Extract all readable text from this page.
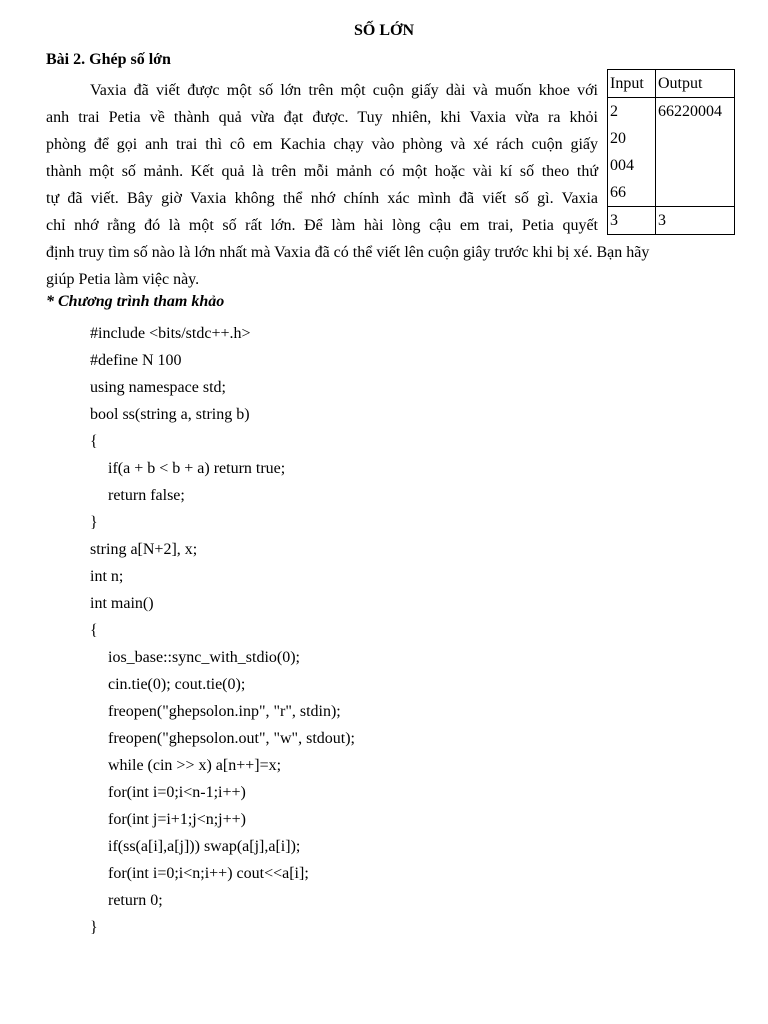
SỐ LỚN
Bài 2. Ghép số lớn
Vaxia đã viết được một số lớn trên một cuộn giấy dài và muốn khoe với
anh trai Petia về thành quả vừa đạt được. Tuy nhiên, khi Vaxia vừa ra khỏi
phòng để gọi anh trai thì cô em Kachia chạy vào phòng và xé rách cuộn giấy
thành một số mảnh. Kết quả là trên mỗi mảnh có một hoặc vài kí số theo thứ
tự đã viết. Bây giờ Vaxia không thể nhớ chính xác mình đã viết số gì. Vaxia
chỉ nhớ rằng đó là một số rất lớn. Để làm hài lòng cậu em trai, Petia quyết
Input	Output

2
20
004
66	66220004

3	3
định truy tìm số nào là lớn nhất mà Vaxia đã có thể viết lên cuộn giây trước khi bị xé. Bạn hãy
giúp Petia làm việc này.
* Chương trình tham khảo
#include <bits/stdc++.h>
#define N 100
using namespace std;
bool ss(string a, string b)
{
if(a + b < b + a) return true;
return false;
}
string a[N+2], x;
int n;
int main()
{
ios_base::sync_with_stdio(0);
cin.tie(0); cout.tie(0);
freopen("ghepsolon.inp", "r", stdin);
freopen("ghepsolon.out", "w", stdout);
while (cin >> x) a[n++]=x;
for(int i=0;i<n-1;i++)
for(int j=i+1;j<n;j++)
if(ss(a[i],a[j])) swap(a[j],a[i]);
for(int i=0;i<n;i++) cout<<a[i];
return 0;
}
